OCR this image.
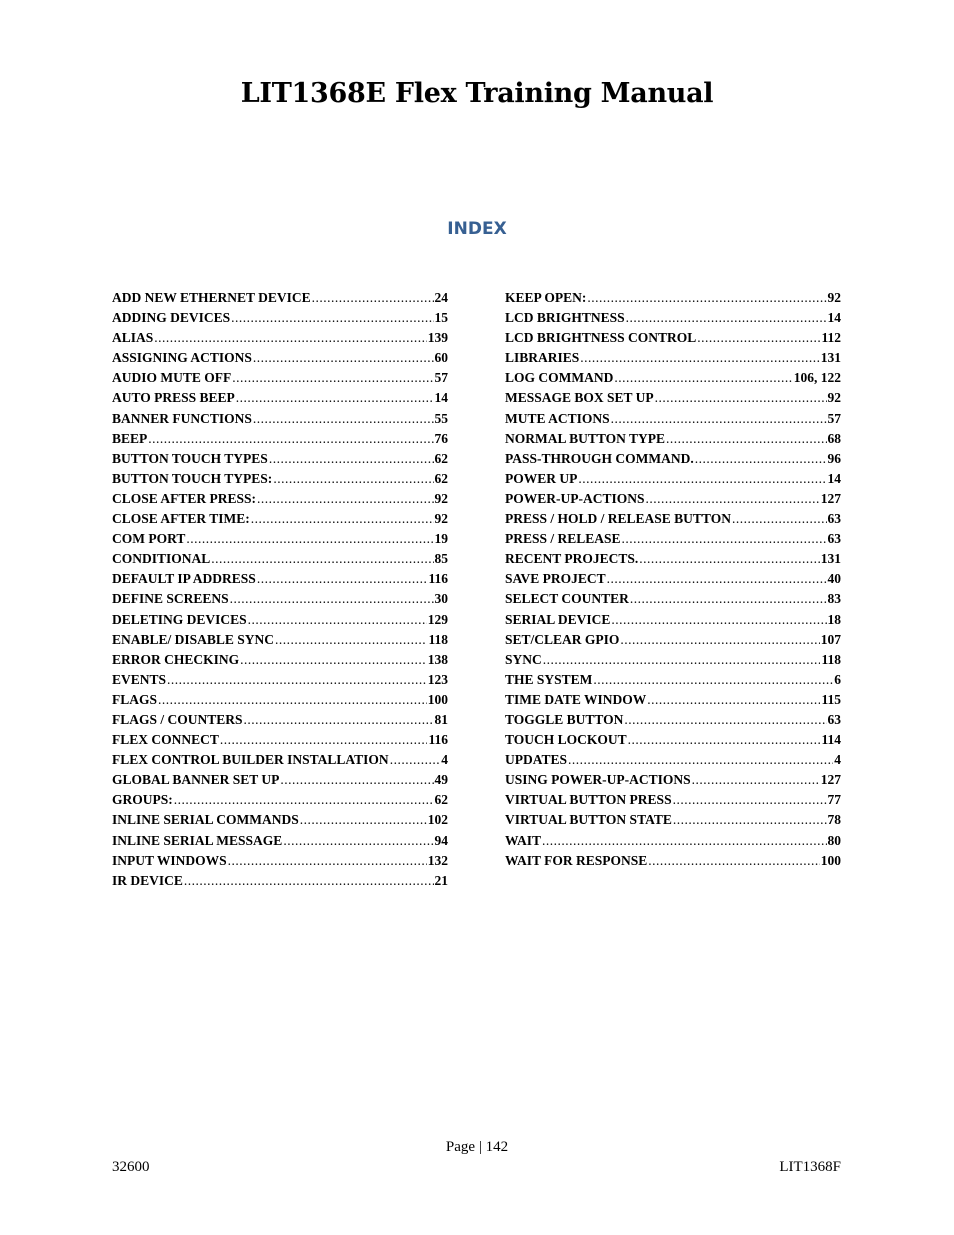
LIT1368E Flex Training Manual
INDEX
ADD NEW ETHERNET DEVICE .....	24
ADDING DEVICES .....	15
ALIAS .....	139
ASSIGNING ACTIONS .....	60
AUDIO MUTE OFF .....	57
AUTO PRESS BEEP .....	14
BANNER FUNCTIONS .....	55
BEEP .....	76
BUTTON TOUCH TYPES .....	62
BUTTON TOUCH TYPES: .....	62
CLOSE AFTER PRESS: .....	92
CLOSE AFTER TIME: .....	92
COM PORT .....	19
CONDITIONAL .....	85
DEFAULT IP ADDRESS .....	116
DEFINE SCREENS .....	30
DELETING DEVICES .....	129
ENABLE/ DISABLE SYNC .....	118
ERROR CHECKING .....	138
EVENTS .....	123
FLAGS .....	100
FLAGS / COUNTERS .....	81
FLEX CONNECT .....	116
FLEX CONTROL BUILDER INSTALLATION .....	4
GLOBAL BANNER SET UP .....	49
GROUPS: .....	62
INLINE SERIAL COMMANDS .....	102
INLINE SERIAL MESSAGE .....	94
INPUT WINDOWS .....	132
IR DEVICE .....	21
KEEP OPEN: .....	92
LCD BRIGHTNESS .....	14
LCD BRIGHTNESS CONTROL .....	112
LIBRARIES .....	131
LOG COMMAND .....	106, 122
MESSAGE BOX SET UP .....	92
MUTE ACTIONS .....	57
NORMAL BUTTON TYPE .....	68
PASS-THROUGH COMMAND. .....	96
POWER UP .....	14
POWER-UP-ACTIONS .....	127
PRESS / HOLD / RELEASE BUTTON .....	63
PRESS / RELEASE .....	63
RECENT PROJECTS. .....	131
SAVE PROJECT .....	40
SELECT COUNTER .....	83
SERIAL DEVICE .....	18
SET/CLEAR GPIO .....	107
SYNC .....	118
THE SYSTEM .....	6
TIME DATE WINDOW .....	115
TOGGLE BUTTON .....	63
TOUCH LOCKOUT .....	114
UPDATES .....	4
USING POWER-UP-ACTIONS .....	127
VIRTUAL BUTTON PRESS .....	77
VIRTUAL BUTTON STATE .....	78
WAIT .....	80
WAIT FOR RESPONSE .....	100
Page | 142
32600	LIT1368F
